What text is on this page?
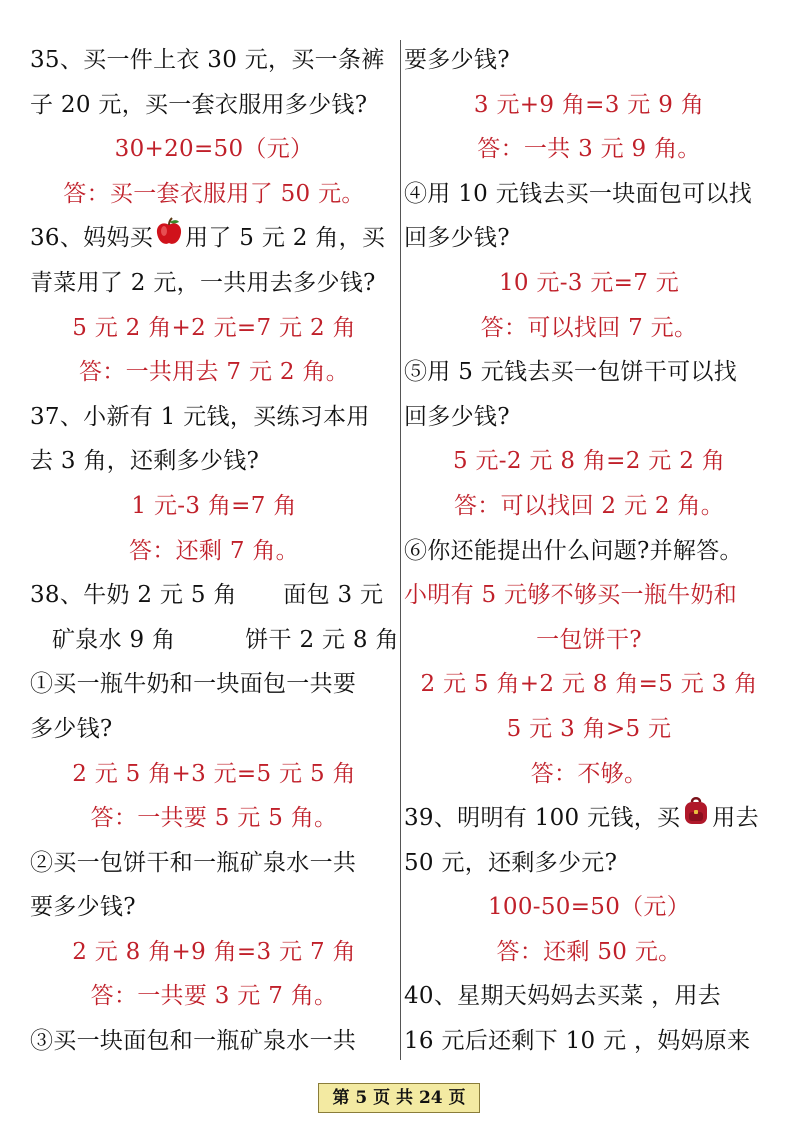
35、买一件上衣 30 元，买一条裤
子 20 元，买一套衣服用多少钱?
30+20=50（元）
答：买一套衣服用了 50 元。
36、妈妈买 用了 5 元 2 角，买
青菜用了 2 元，一共用去多少钱?
5 元 2 角+2 元=7 元 2 角
答：一共用去 7 元 2 角。
37、小新有 1 元钱，买练习本用
去 3 角，还剩多少钱?
1 元-3 角=7 角
答：还剩 7 角。
38、牛奶 2 元 5 角　　面包 3 元
矿泉水 9 角　　　饼干 2 元 8 角
①买一瓶牛奶和一块面包一共要
多少钱?
2 元 5 角+3 元=5 元 5 角
答：一共要 5 元 5 角。
②买一包饼干和一瓶矿泉水一共
要多少钱?
2 元 8 角+9 角=3 元 7 角
答：一共要 3 元 7 角。
③买一块面包和一瓶矿泉水一共
要多少钱?
3 元+9 角=3 元 9 角
答：一共 3 元 9 角。
④用 10 元钱去买一块面包可以找
回多少钱?
10 元-3 元=7 元
答：可以找回 7 元。
⑤用 5 元钱去买一包饼干可以找
回多少钱?
5 元-2 元 8 角=2 元 2 角
答：可以找回 2 元 2 角。
⑥你还能提出什么问题?并解答。
小明有 5 元够不够买一瓶牛奶和
一包饼干?
2 元 5 角+2 元 8 角=5 元 3 角
5 元 3 角>5 元
答：不够。
39、明明有 100 元钱，买 用去
50 元，还剩多少元?
100-50=50（元）
答：还剩 50 元。
40、星期天妈妈去买菜 ，用去
16 元后还剩下 10 元 ，妈妈原来
第 5 页 共 24 页
